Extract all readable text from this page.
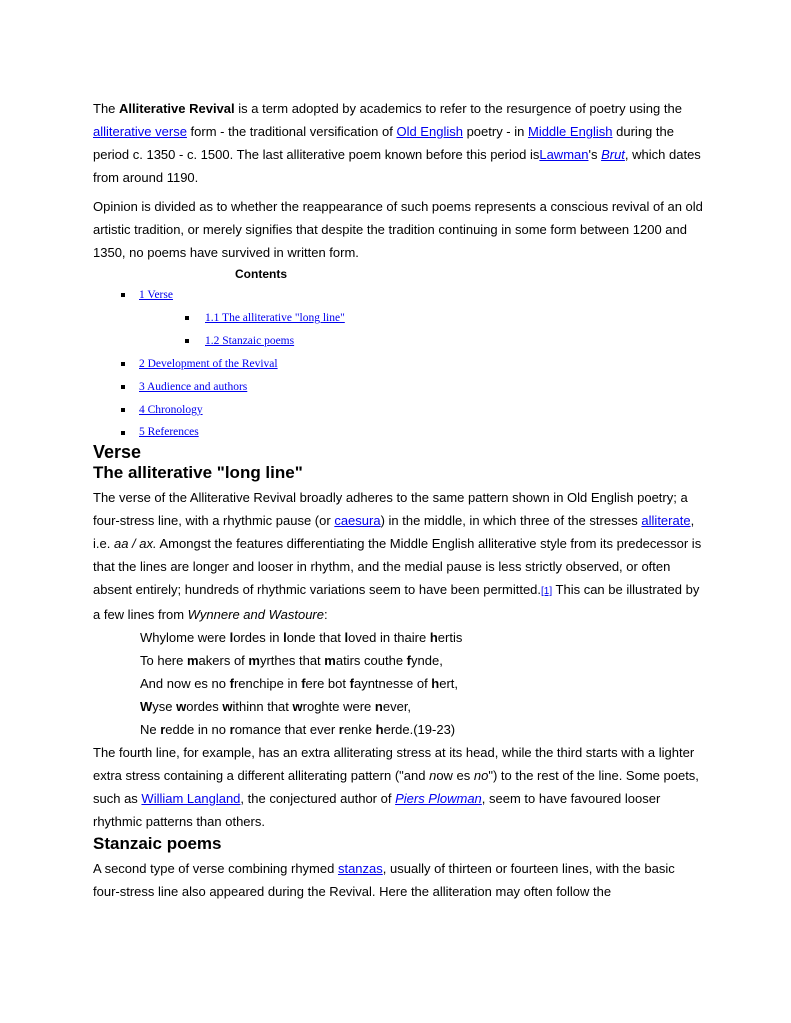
The Alliterative Revival is a term adopted by academics to refer to the resurgence of poetry using the alliterative verse form - the traditional versification of Old English poetry - in Middle English during the period c. 1350 - c. 1500. The last alliterative poem known before this period isLawman's Brut, which dates from around 1190.

Opinion is divided as to whether the reappearance of such poems represents a conscious revival of an old artistic tradition, or merely signifies that despite the tradition continuing in some form between 1200 and 1350, no poems have survived in written form.

Contents
1 Verse
1.1 The alliterative "long line"
1.2 Stanzaic poems
2 Development of the Revival
3 Audience and authors
4 Chronology
5 References
Verse
The alliterative "long line"

The verse of the Alliterative Revival broadly adheres to the same pattern shown in Old English poetry; a four-stress line, with a rhythmic pause (or caesura) in the middle, in which three of the stresses alliterate, i.e. aa / ax. Amongst the features differentiating the Middle English alliterative style from its predecessor is that the lines are longer and looser in rhythm, and the medial pause is less strictly observed, or often absent entirely; hundreds of rhythmic variations seem to have been permitted.[1] This can be illustrated by a few lines from Wynnere and Wastoure:

Whylome were lordes in londe that loved in thaire hertis
To here makers of myrthes that matirs couthe fynde,
And now es no frenchipe in fere bot fayntnesse of hert,
Wyse wordes withinn that wroghte were never,
Ne redde in no romance that ever renke herde.(19-23)

The fourth line, for example, has an extra alliterating stress at its head, while the third starts with a lighter extra stress containing a different alliterating pattern ("and now es no") to the rest of the line. Some poets, such as William Langland, the conjectured author of Piers Plowman, seem to have favoured looser rhythmic patterns than others.

Stanzaic poems

A second type of verse combining rhymed stanzas, usually of thirteen or fourteen lines, with the basic four-stress line also appeared during the Revival. Here the alliteration may often follow the
